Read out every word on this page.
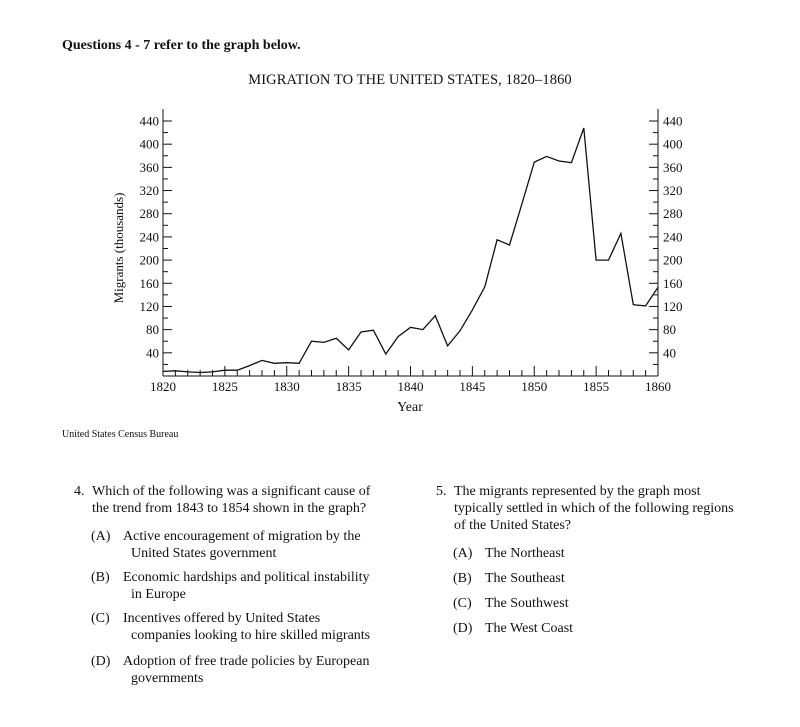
Questions 4 - 7 refer to the graph below.
MIGRATION TO THE UNITED STATES, 1820–1860
40	40
80	80
120	120
160	160
200	200
240	240
280	280
320	320
360	360
400	400
440	440
1820	1825	1830	1835	1840	1845	1850	1855	1860
Year
Migrants (thousands)
United States Census Bureau
4. Which of the following was a significant cause of the trend from 1843 to 1854 shown in the graph?
(A) Active encouragement of migration by the United States government
(B) Economic hardships and political instability in Europe
(C) Incentives offered by United States companies looking to hire skilled migrants
(D) Adoption of free trade policies by European governments
5. The migrants represented by the graph most typically settled in which of the following regions of the United States?
(A) The Northeast
(B) The Southeast
(C) The Southwest
(D) The West Coast
